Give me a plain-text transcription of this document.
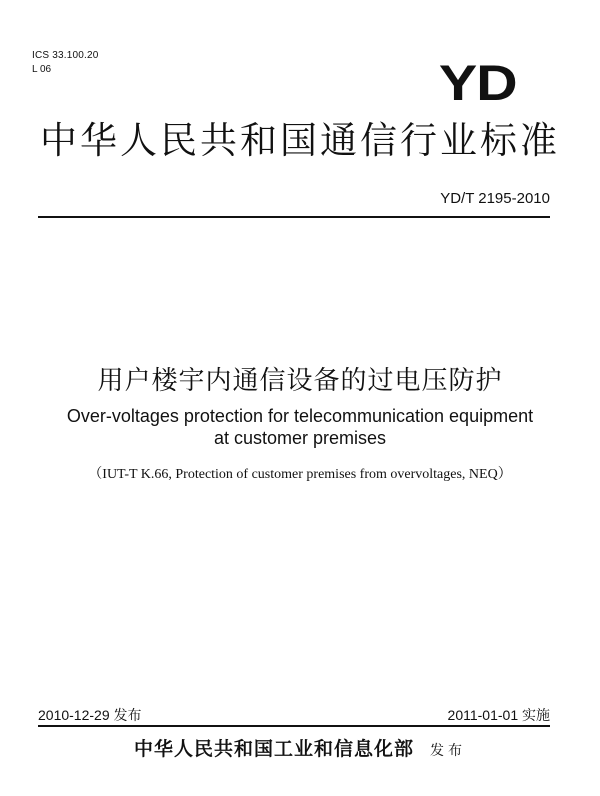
ICS 33.100.20
L 06	YD
中华人民共和国通信行业标准
YD/T 2195-2010
用户楼宇内通信设备的过电压防护
Over-voltages protection for telecommunication equipment
at customer premises
（IUT-T K.66, Protection of customer premises from overvoltages, NEQ）
2010-12-29 发布	2011-01-01 实施
中华人民共和国工业和信息化部 发布
